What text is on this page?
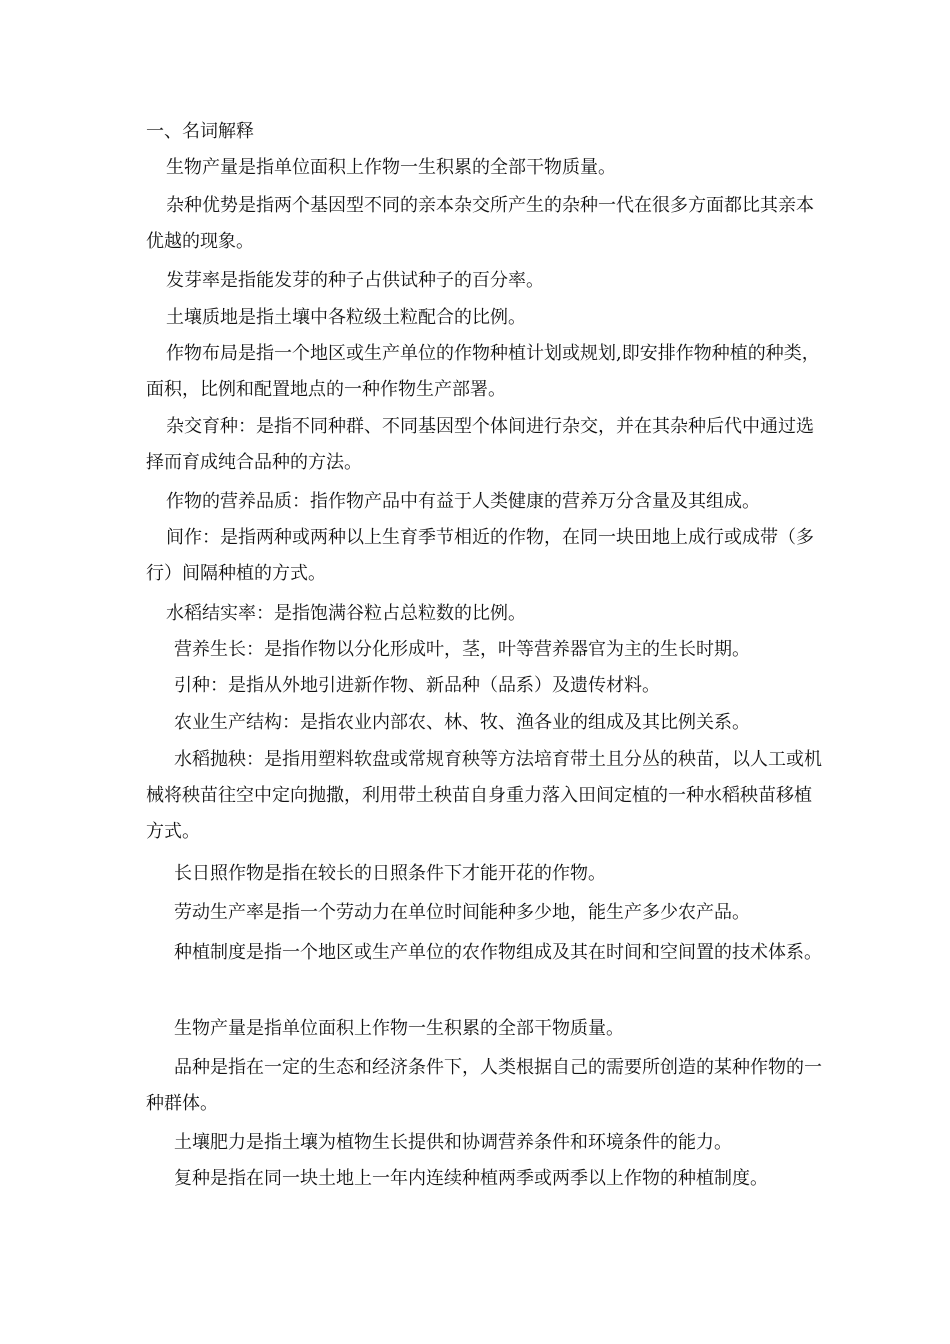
一、名词解释
生物产量是指单位面积上作物一生积累的全部干物质量。
杂种优势是指两个基因型不同的亲本杂交所产生的杂种一代在很多方面都比其亲本优越的现象。
发芽率是指能发芽的种子占供试种子的百分率。
土壤质地是指土壤中各粒级土粒配合的比例。
作物布局是指一个地区或生产单位的作物种植计划或规划,即安排作物种植的种类，面积，比例和配置地点的一种作物生产部署。
杂交育种：是指不同种群、不同基因型个体间进行杂交，并在其杂种后代中通过选择而育成纯合品种的方法。
作物的营养品质：指作物产品中有益于人类健康的营养万分含量及其组成。
间作：是指两种或两种以上生育季节相近的作物，在同一块田地上成行或成带（多行）间隔种植的方式。
水稻结实率：是指饱满谷粒占总粒数的比例。
营养生长：是指作物以分化形成叶，茎，叶等营养器官为主的生长时期。
引种：是指从外地引进新作物、新品种（品系）及遗传材料。
农业生产结构：是指农业内部农、林、牧、渔各业的组成及其比例关系。
水稻抛秧：是指用塑料软盘或常规育秧等方法培育带土且分丛的秧苗，以人工或机械将秧苗往空中定向抛撒，利用带土秧苗自身重力落入田间定植的一种水稻秧苗移植方式。
长日照作物是指在较长的日照条件下才能开花的作物。
劳动生产率是指一个劳动力在单位时间能种多少地，能生产多少农产品。
种植制度是指一个地区或生产单位的农作物组成及其在时间和空间置的技术体系。
生物产量是指单位面积上作物一生积累的全部干物质量。
品种是指在一定的生态和经济条件下，人类根据自己的需要所创造的某种作物的一种群体。
土壤肥力是指土壤为植物生长提供和协调营养条件和环境条件的能力。
复种是指在同一块土地上一年内连续种植两季或两季以上作物的种植制度。
